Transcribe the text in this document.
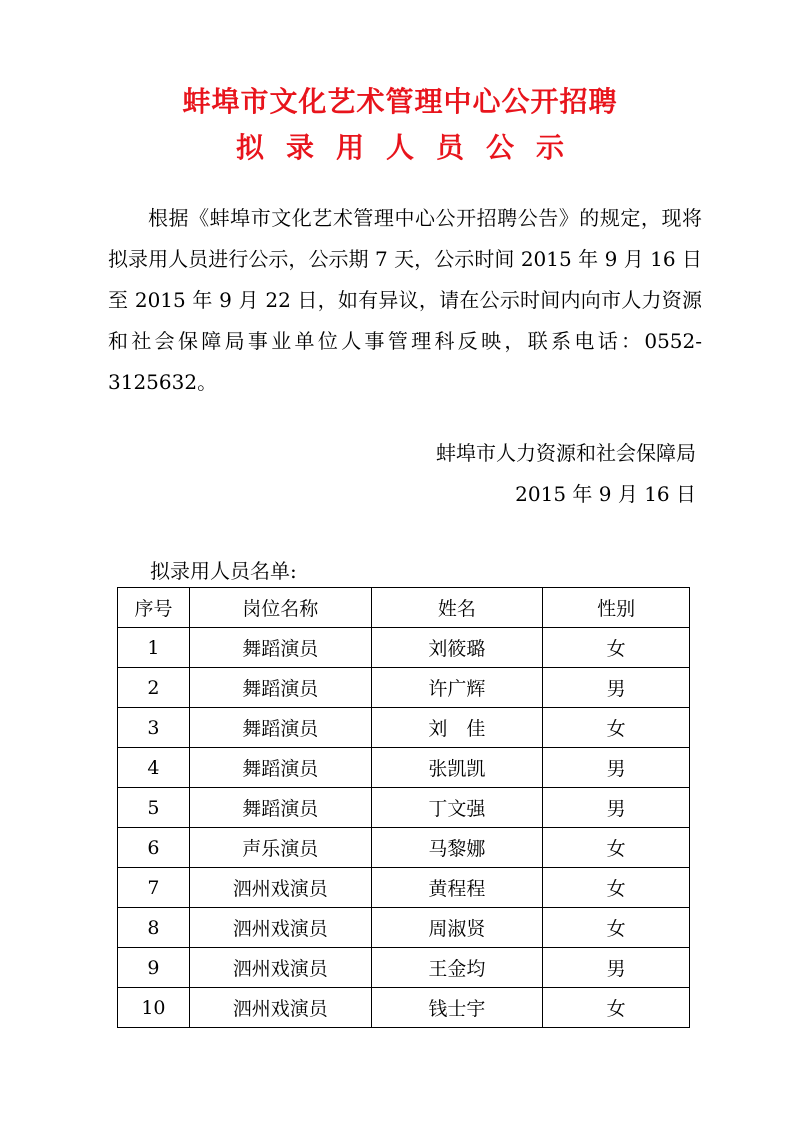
蚌埠市文化艺术管理中心公开招聘
拟录用人员公示

根据《蚌埠市文化艺术管理中心公开招聘公告》的规定，现将拟录用人员进行公示，公示期 7 天，公示时间 2015 年 9 月 16 日至 2015 年 9 月 22 日，如有异议，请在公示时间内向市人力资源和社会保障局事业单位人事管理科反映，联系电话：0552-3125632。

蚌埠市人力资源和社会保障局
2015 年 9 月 16 日
拟录用人员名单:
序号	岗位名称	姓名	性别
1	舞蹈演员	刘筱璐	女
2	舞蹈演员	许广辉	男
3	舞蹈演员	刘　佳	女
4	舞蹈演员	张凯凯	男
5	舞蹈演员	丁文强	男
6	声乐演员	马黎娜	女
7	泗州戏演员	黄程程	女
8	泗州戏演员	周淑贤	女
9	泗州戏演员	王金均	男
10	泗州戏演员	钱士宇	女
